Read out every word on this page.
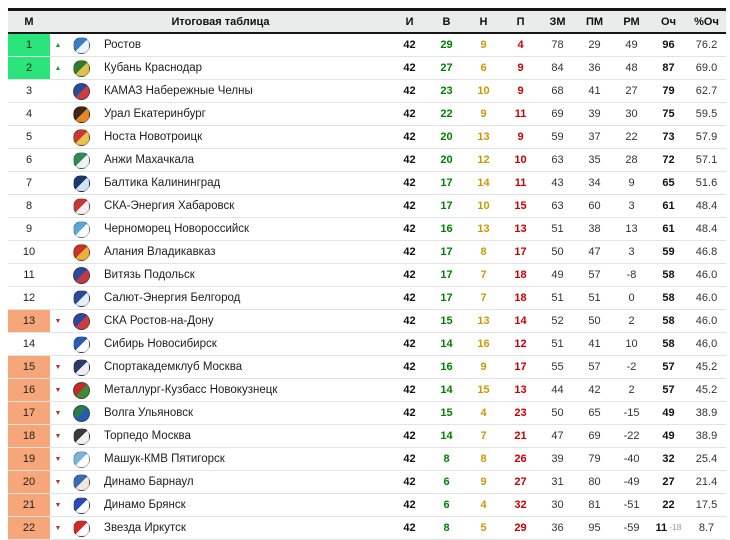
М	Итоговая таблица			И	В	Н	П	ЗМ	ПМ	РМ	Оч	%Оч
1	▲		Ростов	42	29	9	4	78	29	49	96	76.2
2	▲		Кубань Краснодар	42	27	6	9	84	36	48	87	69.0
3			КАМАЗ Набережные Челны	42	23	10	9	68	41	27	79	62.7
4			Урал Екатеринбург	42	22	9	11	69	39	30	75	59.5
5			Носта Новотроицк	42	20	13	9	59	37	22	73	57.9
6			Анжи Махачкала	42	20	12	10	63	35	28	72	57.1
7			Балтика Калининград	42	17	14	11	43	34	9	65	51.6
8			СКА-Энергия Хабаровск	42	17	10	15	63	60	3	61	48.4
9			Черноморец Новороссийск	42	16	13	13	51	38	13	61	48.4
10			Алания Владикавказ	42	17	8	17	50	47	3	59	46.8
11			Витязь Подольск	42	17	7	18	49	57	-8	58	46.0
12			Салют-Энергия Белгород	42	17	7	18	51	51	0	58	46.0
13	▼		СКА Ростов-на-Дону	42	15	13	14	52	50	2	58	46.0
14			Сибирь Новосибирск	42	14	16	12	51	41	10	58	46.0
15	▼		Спортакадемклуб Москва	42	16	9	17	55	57	-2	57	45.2
16	▼		Металлург-Кузбасс Новокузнецк	42	14	15	13	44	42	2	57	45.2
17	▼		Волга Ульяновск	42	15	4	23	50	65	-15	49	38.9
18	▼		Торпедо Москва	42	14	7	21	47	69	-22	49	38.9
19	▼		Машук-КМВ Пятигорск	42	8	8	26	39	79	-40	32	25.4
20	▼		Динамо Барнаул	42	6	9	27	31	80	-49	27	21.4
21	▼		Динамо Брянск	42	6	4	32	30	81	-51	22	17.5
22	▼		Звезда Иркутск	42	8	5	29	36	95	-59	11 -18	8.7
